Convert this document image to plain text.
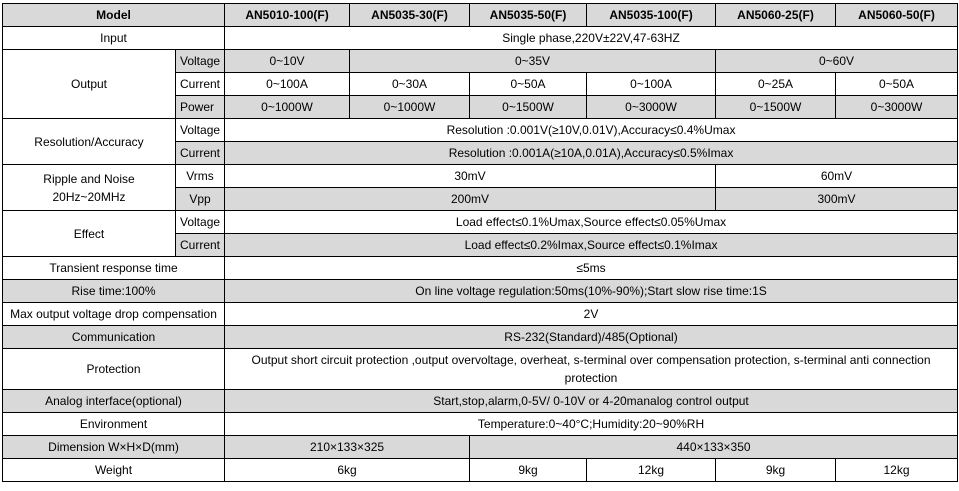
Model		AN5010-100(F)	AN5035-30(F)	AN5035-50(F)	AN5035-100(F)	AN5060-25(F)	AN5060-50(F)
Input		Single phase,220V±22V,47-63HZ					
Output	Voltage	0~10V	0~35V			0~60V	
	Current	0~100A	0~30A	0~50A	0~100A	0~25A	0~50A
	Power	0~1000W	0~1000W	0~1500W	0~3000W	0~1500W	0~3000W
Resolution/Accuracy	Voltage	Resolution :0.001V(≥10V,0.01V),Accuracy≤0.4%Umax					
	Current	Resolution :0.001A(≥10A,0.01A),Accuracy≤0.5%Imax					
Ripple and Noise
20Hz~20MHz	Vrms	30mV				60mV	
	Vpp	200mV				300mV	
Effect	Voltage	Load effect≤0.1%Umax,Source effect≤0.05%Umax					
	Current	Load effect≤0.2%Imax,Source effect≤0.1%Imax					
Transient response time		≤5ms					
Rise time:100%		On line voltage regulation:50ms(10%-90%);Start slow rise time:1S					
Max output voltage drop compensation		2V					
Communication		RS-232(Standard)/485(Optional)					
Protection		Output short circuit protection ,output overvoltage, overheat, s-terminal over compensation protection, s-terminal anti connection protection					
Analog interface(optional)		Start,stop,alarm,0-5V/ 0-10V or 4-20manalog control output					
Environment		Temperature:0~40°C;Humidity:20~90%RH					
Dimension W×H×D(mm)		210×133×325		440×133×350			
Weight		6kg		9kg	12kg	9kg	12kg
